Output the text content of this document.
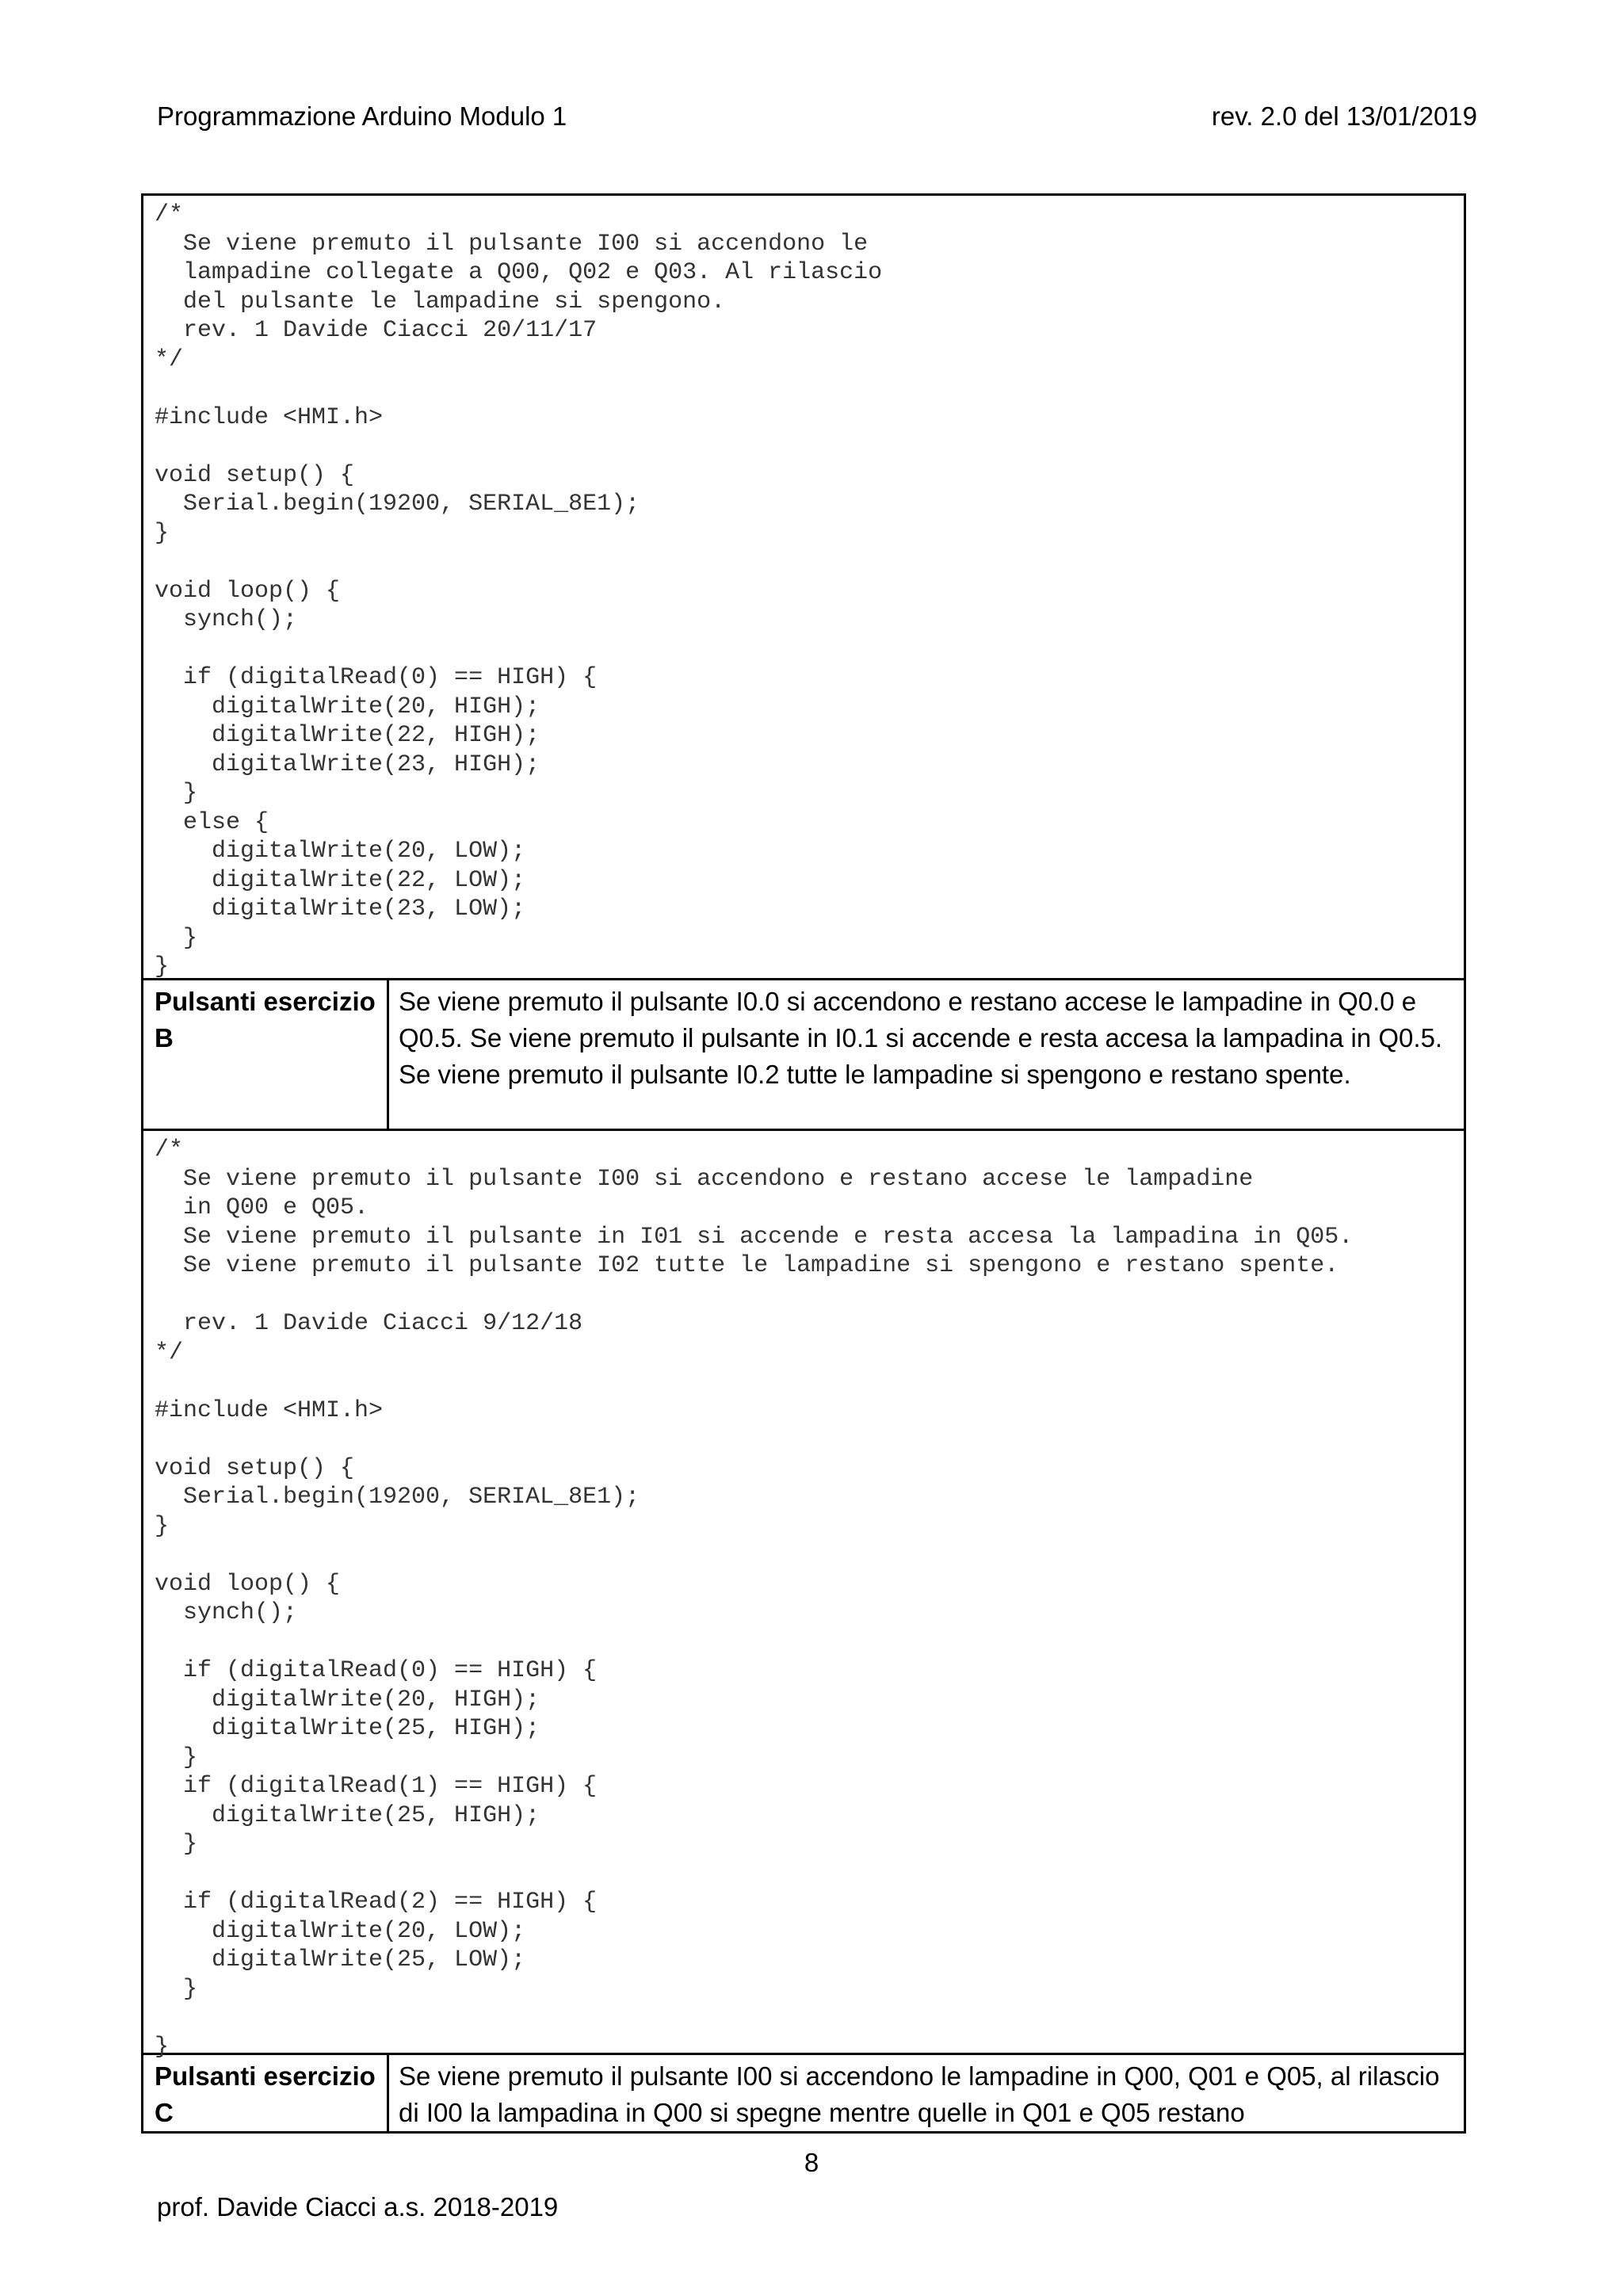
Programmazione Arduino Modulo 1	rev. 2.0 del 13/01/2019
/*
Se viene premuto il pulsante I00 si accendono le
lampadine collegate a Q00, Q02 e Q03. Al rilascio
del pulsante le lampadine si spengono.
rev. 1 Davide Ciacci 20/11/17
*/

#include <HMI.h>

void setup() {
Serial.begin(19200, SERIAL_8E1);
}

void loop() {
synch();

if (digitalRead(0) == HIGH) {
digitalWrite(20, HIGH);
digitalWrite(22, HIGH);
digitalWrite(23, HIGH);
}
else {
digitalWrite(20, LOW);
digitalWrite(22, LOW);
digitalWrite(23, LOW);
}
}
Pulsanti esercizio B
Se viene premuto il pulsante I0.0 si accendono e restano accese le lampadine in Q0.0 e Q0.5. Se viene premuto il pulsante in I0.1 si accende e resta accesa la lampadina in Q0.5. Se viene premuto il pulsante I0.2 tutte le lampadine si spengono e restano spente.
/*
Se viene premuto il pulsante I00 si accendono e restano accese le lampadine
in Q00 e Q05.
Se viene premuto il pulsante in I01 si accende e resta accesa la lampadina in Q05.
Se viene premuto il pulsante I02 tutte le lampadine si spengono e restano spente.

rev. 1 Davide Ciacci 9/12/18
*/

#include <HMI.h>

void setup() {
Serial.begin(19200, SERIAL_8E1);
}

void loop() {
synch();

if (digitalRead(0) == HIGH) {
digitalWrite(20, HIGH);
digitalWrite(25, HIGH);
}
if (digitalRead(1) == HIGH) {
digitalWrite(25, HIGH);
}

if (digitalRead(2) == HIGH) {
digitalWrite(20, LOW);
digitalWrite(25, LOW);
}

}
Pulsanti esercizio C
Se viene premuto il pulsante I00 si accendono le lampadine in Q00, Q01 e Q05, al rilascio di I00 la lampadina in Q00 si spegne mentre quelle in Q01 e Q05 restano
8
prof. Davide Ciacci a.s. 2018-2019
